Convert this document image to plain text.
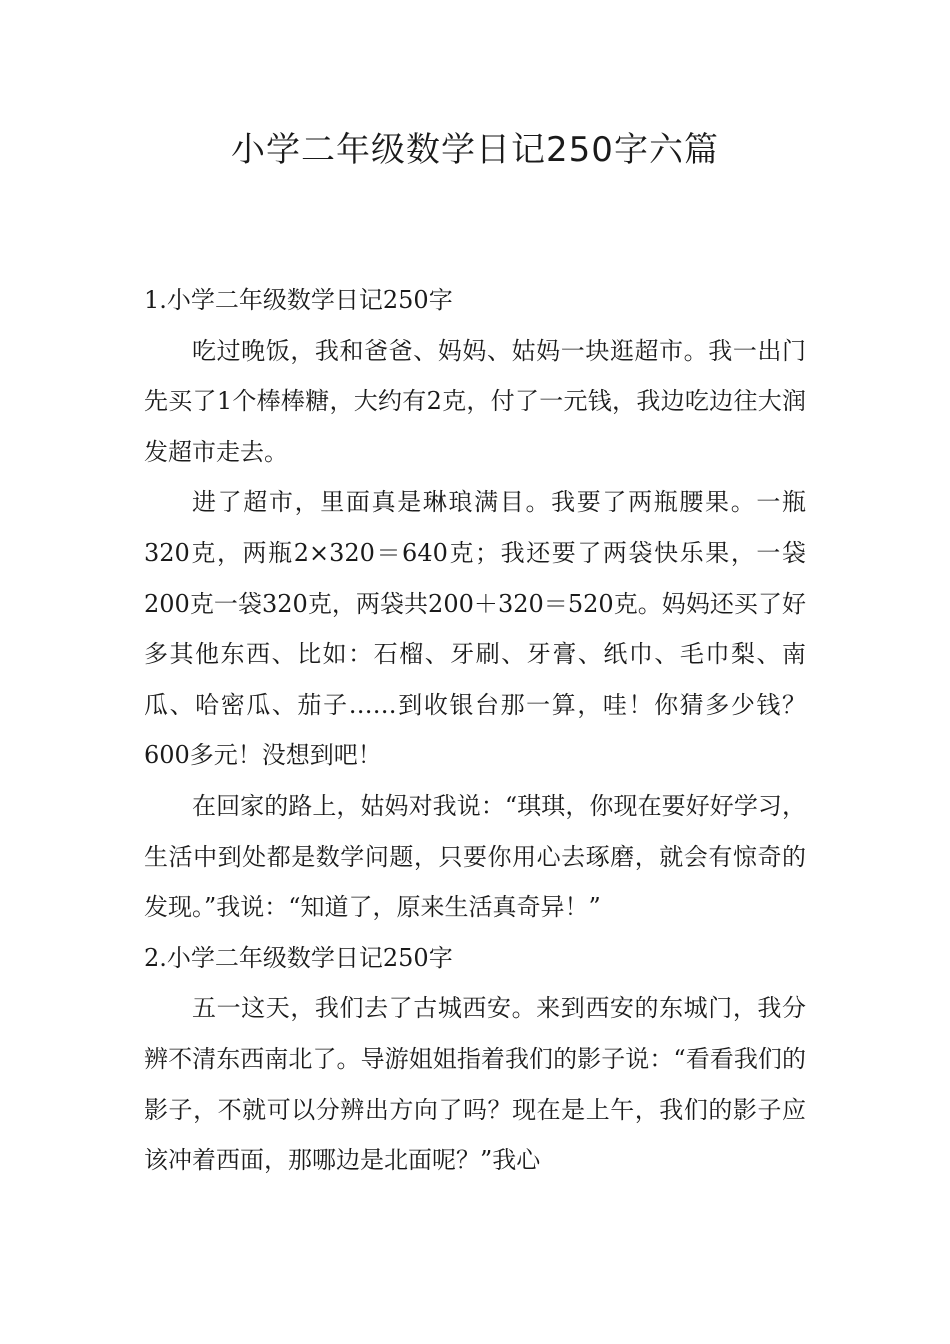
小学二年级数学日记250字六篇

1.小学二年级数学日记250字

吃过晚饭，我和爸爸、妈妈、姑妈一块逛超市。我一出门先买了1个棒棒糖，大约有2克，付了一元钱，我边吃边往大润发超市走去。

进了超市，里面真是琳琅满目。我要了两瓶腰果。一瓶320克，两瓶2×320＝640克；我还要了两袋快乐果，一袋200克一袋320克，两袋共200＋320＝520克。妈妈还买了好多其他东西、比如：石榴、牙刷、牙膏、纸巾、毛巾梨、南瓜、哈密瓜、茄子……到收银台那一算，哇！你猜多少钱？600多元！没想到吧！

在回家的路上，姑妈对我说：“琪琪，你现在要好好学习，生活中到处都是数学问题，只要你用心去琢磨，就会有惊奇的发现。”我说：“知道了，原来生活真奇异！”

2.小学二年级数学日记250字

五一这天，我们去了古城西安。来到西安的东城门，我分辨不清东西南北了。导游姐姐指着我们的影子说：“看看我们的影子，不就可以分辨出方向了吗？现在是上午，我们的影子应该冲着西面，那哪边是北面呢？”我心
